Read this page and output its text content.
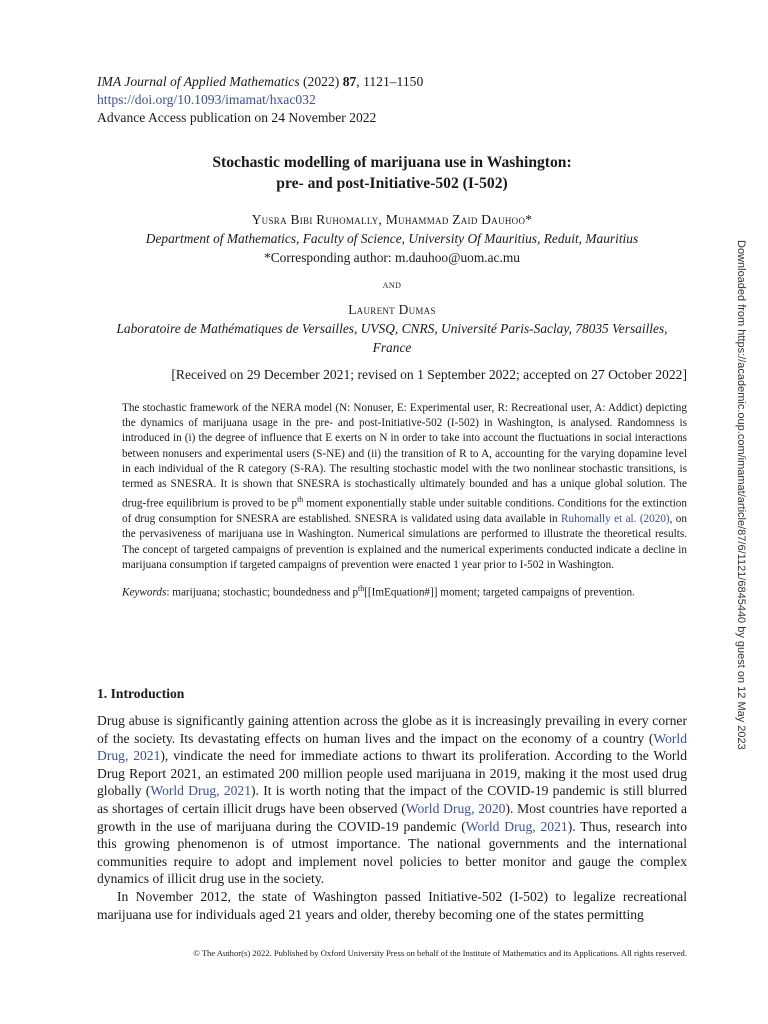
IMA Journal of Applied Mathematics (2022) 87, 1121–1150
https://doi.org/10.1093/imamat/hxac032
Advance Access publication on 24 November 2022
Stochastic modelling of marijuana use in Washington:
pre- and post-Initiative-502 (I-502)
Yusra Bibi Ruhomally, Muhammad Zaid Dauhoo*
Department of Mathematics, Faculty of Science, University Of Mauritius, Reduit, Mauritius
*Corresponding author: m.dauhoo@uom.ac.mu
and
Laurent Dumas
Laboratoire de Mathématiques de Versailles, UVSQ, CNRS, Université Paris-Saclay, 78035 Versailles, France
[Received on 29 December 2021; revised on 1 September 2022; accepted on 27 October 2022]

The stochastic framework of the NERA model (N: Nonuser, E: Experimental user, R: Recreational user, A: Addict) depicting the dynamics of marijuana usage in the pre- and post-Initiative-502 (I-502) in Washington, is analysed. Randomness is introduced in (i) the degree of influence that E exerts on N in order to take into account the fluctuations in social interactions between nonusers and experimental users (S-NE) and (ii) the transition of R to A, accounting for the varying dopamine level in each individual of the R category (S-RA). The resulting stochastic model with the two nonlinear stochastic transitions, is termed as SNESRA. It is shown that SNESRA is stochastically ultimately bounded and has a unique global solution. The drug-free equilibrium is proved to be $p^{th}$ moment exponentially stable under suitable conditions. Conditions for the extinction of drug consumption for SNESRA are established. SNESRA is validated using data available in Ruhomally et al. (2020), on the pervasiveness of marijuana use in Washington. Numerical simulations are performed to illustrate the theoretical results. The concept of targeted campaigns of prevention is explained and the numerical experiments conducted indicate a decline in marijuana consumption if targeted campaigns of prevention were enacted 1 year prior to I-502 in Washington.

Keywords: marijuana; stochastic; boundedness and $p^{th}[[ImEquation\#]]$ moment; targeted campaigns of prevention.

1. Introduction

Drug abuse is significantly gaining attention across the globe as it is increasingly prevailing in every corner of the society. Its devastating effects on human lives and the impact on the economy of a country (World Drug, 2021), vindicate the need for immediate actions to thwart its proliferation. According to the World Drug Report 2021, an estimated 200 million people used marijuana in 2019, making it the most used drug globally (World Drug, 2021). It is worth noting that the impact of the COVID-19 pandemic is still blurred as shortages of certain illicit drugs have been observed (World Drug, 2020). Most countries have reported a growth in the use of marijuana during the COVID-19 pandemic (World Drug, 2021). Thus, research into this growing phenomenon is of utmost importance. The national governments and the international communities require to adopt and implement novel policies to better monitor and gauge the complex dynamics of illicit drug use in the society.

In November 2012, the state of Washington passed Initiative-502 (I-502) to legalize recreational marijuana use for individuals aged 21 years and older, thereby becoming one of the states permitting

© The Author(s) 2022. Published by Oxford University Press on behalf of the Institute of Mathematics and its Applications. All rights reserved.
Downloaded from https://academic.oup.com/imamat/article/87/6/1121/6845440 by guest on 12 May 2023
